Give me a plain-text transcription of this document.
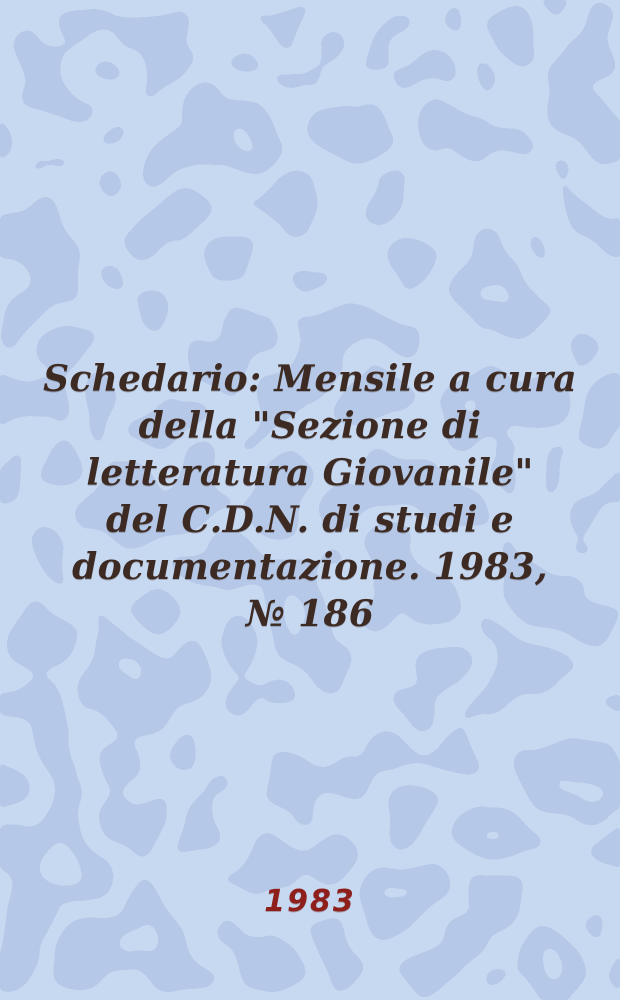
Schedario: Mensile a cura
della "Sezione di
letteratura Giovanile"
del C.D.N. di studi e
documentazione. 1983,
№ 186
1983
